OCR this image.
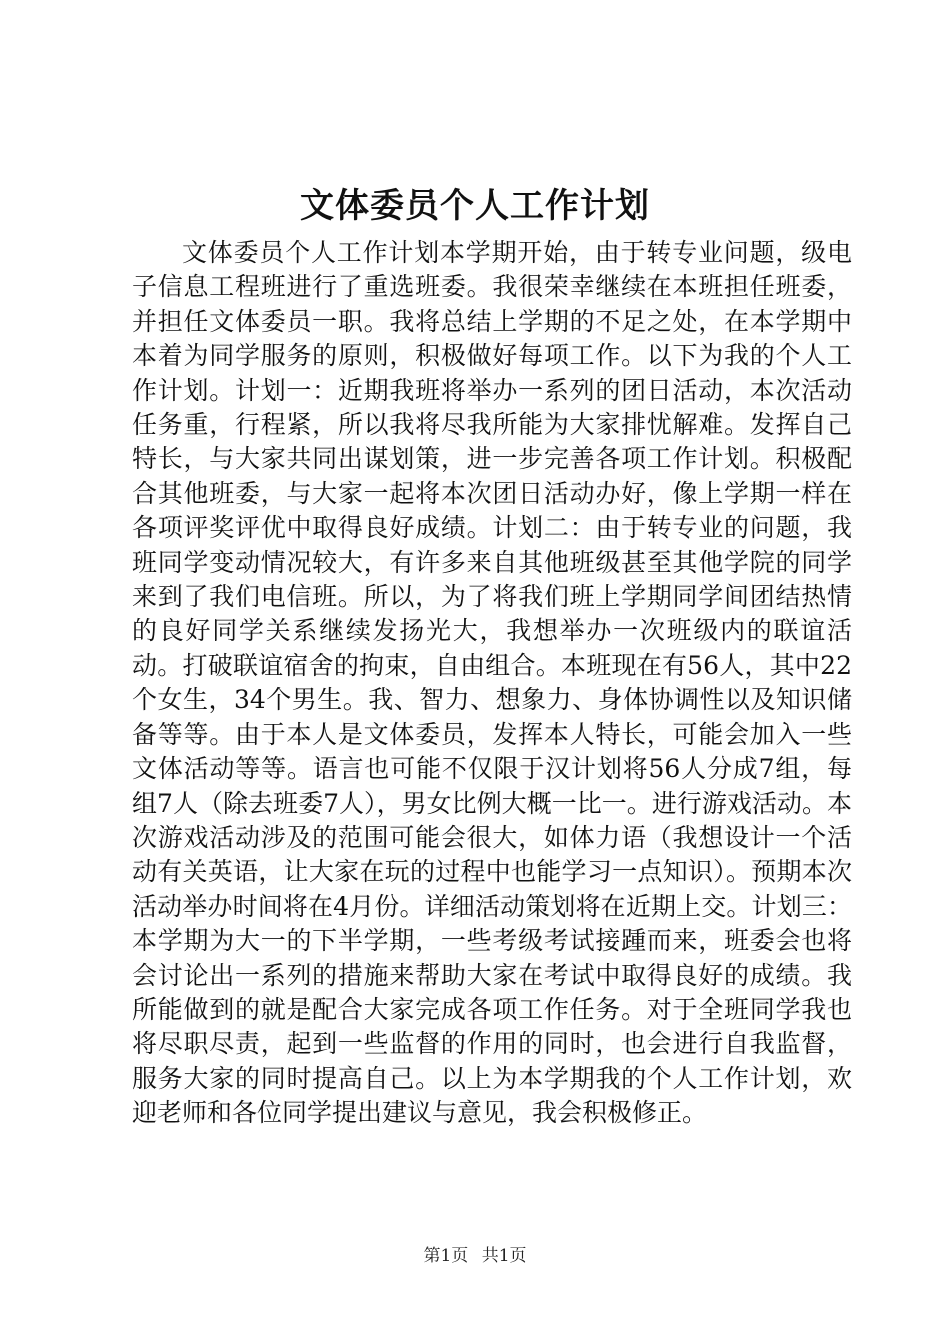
文体委员个人工作计划

文体委员个人工作计划本学期开始，由于转专业问题，级电子信息工程班进行了重选班委。我很荣幸继续在本班担任班委，并担任文体委员一职。我将总结上学期的不足之处，在本学期中本着为同学服务的原则，积极做好每项工作。以下为我的个人工作计划。计划一：近期我班将举办一系列的团日活动，本次活动任务重，行程紧，所以我将尽我所能为大家排忧解难。发挥自己特长，与大家共同出谋划策，进一步完善各项工作计划。积极配合其他班委，与大家一起将本次团日活动办好，像上学期一样在各项评奖评优中取得良好成绩。计划二：由于转专业的问题，我班同学变动情况较大，有许多来自其他班级甚至其他学院的同学来到了我们电信班。所以，为了将我们班上学期同学间团结热情的良好同学关系继续发扬光大，我想举办一次班级内的联谊活动。打破联谊宿舍的拘束，自由组合。本班现在有56人，其中22个女生，34个男生。我、智力、想象力、身体协调性以及知识储备等等。由于本人是文体委员，发挥本人特长，可能会加入一些文体活动等等。语言也可能不仅限于汉计划将56人分成7组，每组7人（除去班委7人），男女比例大概一比一。进行游戏活动。本次游戏活动涉及的范围可能会很大，如体力语（我想设计一个活动有关英语，让大家在玩的过程中也能学习一点知识）。预期本次活动举办时间将在4月份。详细活动策划将在近期上交。计划三：本学期为大一的下半学期，一些考级考试接踵而来，班委会也将会讨论出一系列的措施来帮助大家在考试中取得良好的成绩。我所能做到的就是配合大家完成各项工作任务。对于全班同学我也将尽职尽责，起到一些监督的作用的同时，也会进行自我监督，服务大家的同时提高自己。以上为本学期我的个人工作计划，欢迎老师和各位同学提出建议与意见，我会积极修正。

第1页 共1页
